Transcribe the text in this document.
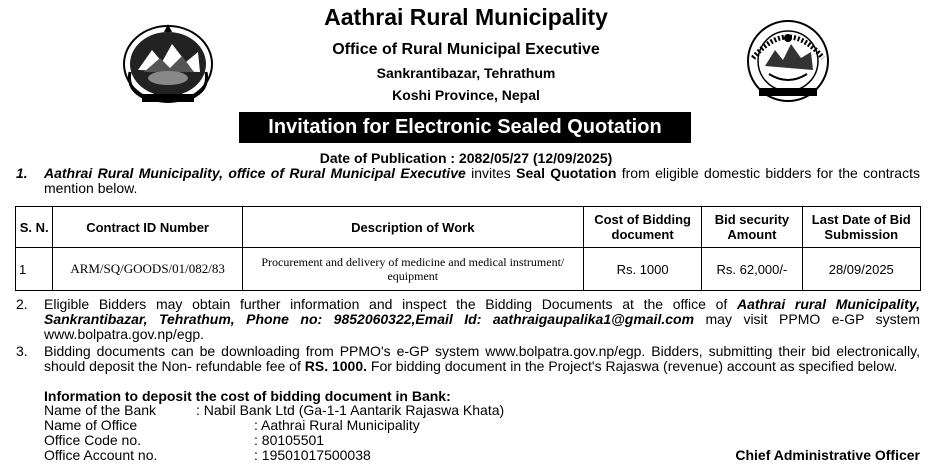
Aathrai Rural Municipality
Office of Rural Municipal Executive
Sankrantibazar, Tehrathum
Koshi Province, Nepal
Invitation for Electronic Sealed Quotation
Date of Publication : 2082/05/27 (12/09/2025)
1. Aathrai Rural Municipality, office of Rural Municipal Executive invites Seal Quotation from eligible domestic bidders for the contracts mention below.
S. N.	Contract ID Number	Description of Work	Cost of Bidding document	Bid security Amount	Last Date of Bid Submission
1	ARM/SQ/GOODS/01/082/83	Procurement and delivery of medicine and medical instrument/ equipment	Rs. 1000	Rs. 62,000/-	28/09/2025
2. Eligible Bidders may obtain further information and inspect the Bidding Documents at the office of Aathrai rural Municipality, Sankrantibazar, Tehrathum, Phone no: 9852060322,Email Id: aathraigaupalika1@gmail.com may visit PPMO e-GP system www.bolpatra.gov.np/egp.
3. Bidding documents can be downloading from PPMO's e-GP system www.bolpatra.gov.np/egp. Bidders, submitting their bid electronically, should deposit the Non- refundable fee of RS. 1000. For bidding document in the Project's Rajaswa (revenue) account as specified below.
Information to deposit the cost of bidding document in Bank:
Name of the Bank	: Nabil Bank Ltd (Ga-1-1 Aantarik Rajaswa Khata)
Name of Office	: Aathrai Rural Municipality
Office Code no.	: 80105501
Office Account no.	: 19501017500038	Chief Administrative Officer
